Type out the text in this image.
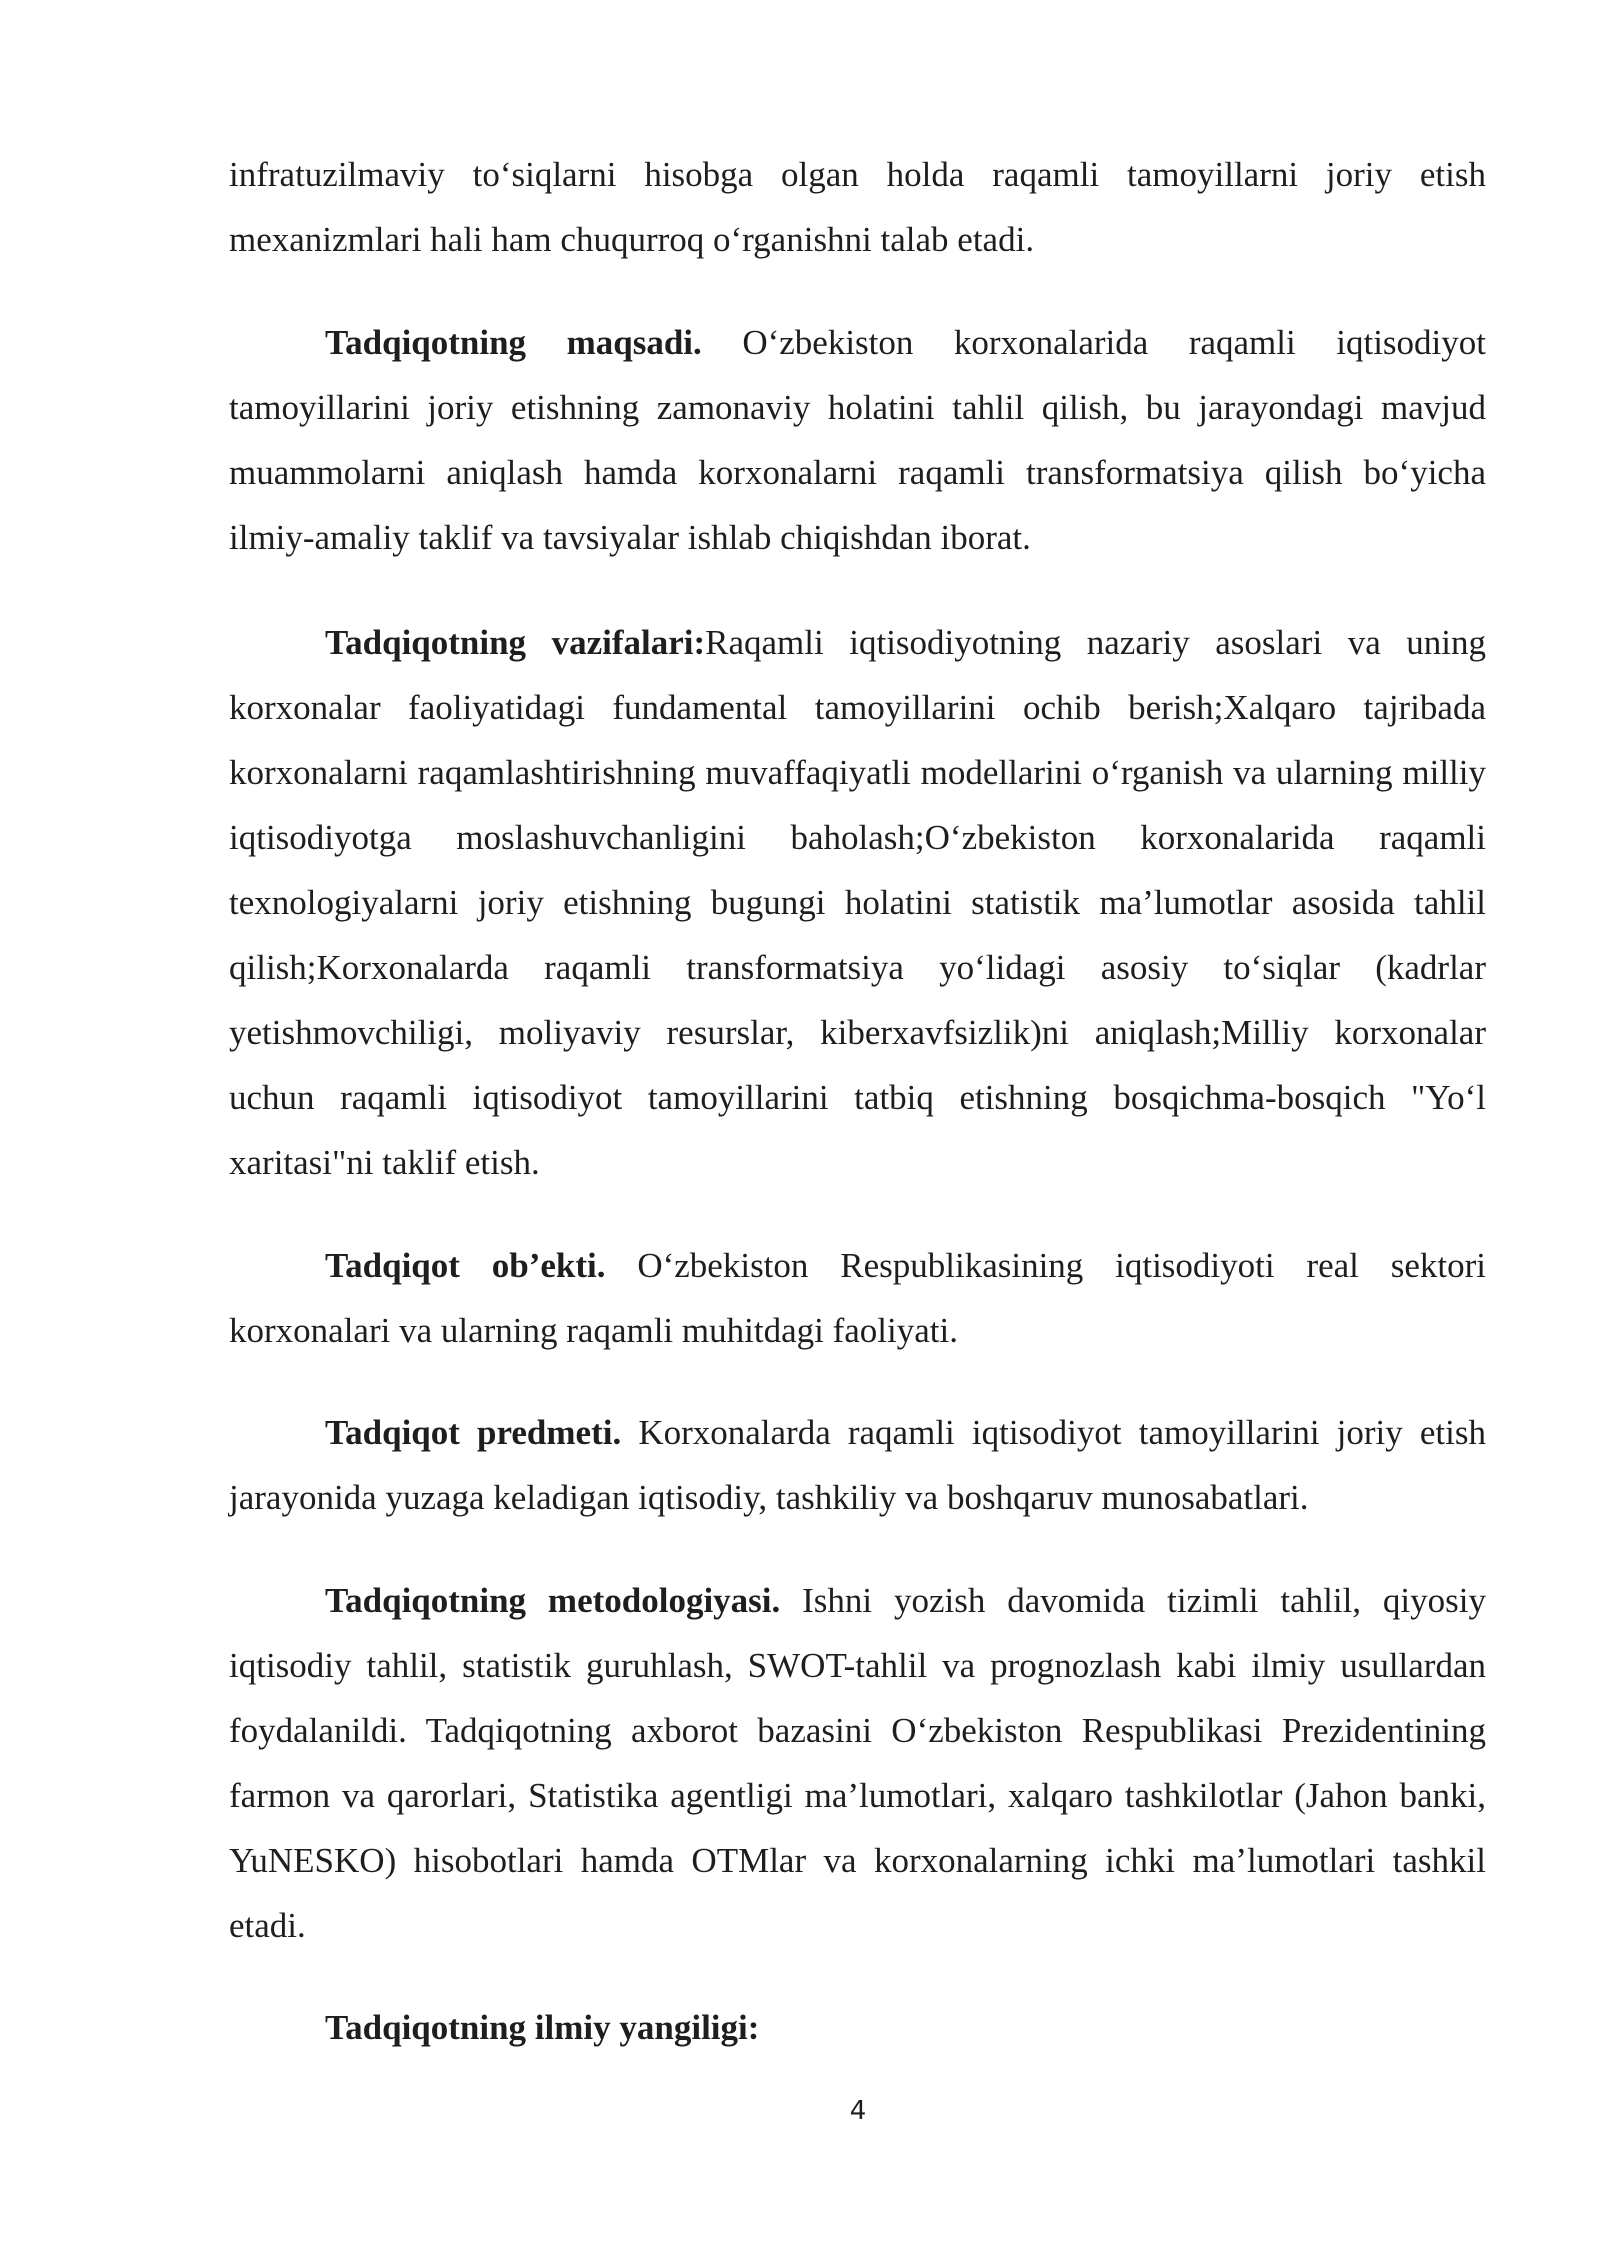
infratuzilmaviy to‘siqlarni hisobga olgan holda raqamli tamoyillarni joriy etish mexanizmlari hali ham chuqurroq o‘rganishni talab etadi.

Tadqiqotning maqsadi. O‘zbekiston korxonalarida raqamli iqtisodiyot tamoyillarini joriy etishning zamonaviy holatini tahlil qilish, bu jarayondagi mavjud muammolarni aniqlash hamda korxonalarni raqamli transformatsiya qilish bo‘yicha ilmiy-amaliy taklif va tavsiyalar ishlab chiqishdan iborat.

Tadqiqotning vazifalari:Raqamli iqtisodiyotning nazariy asoslari va uning korxonalar faoliyatidagi fundamental tamoyillarini ochib berish;Xalqaro tajribada korxonalarni raqamlashtirishning muvaffaqiyatli modellarini o‘rganish va ularning milliy iqtisodiyotga moslashuvchanligini baholash;O‘zbekiston korxonalarida raqamli texnologiyalarni joriy etishning bugungi holatini statistik ma’lumotlar asosida tahlil qilish;Korxonalarda raqamli transformatsiya yo‘lidagi asosiy to‘siqlar (kadrlar yetishmovchiligi, moliyaviy resurslar, kiberxavfsizlik)ni aniqlash;Milliy korxonalar uchun raqamli iqtisodiyot tamoyillarini tatbiq etishning bosqichma-bosqich "Yo‘l xaritasi"ni taklif etish.

Tadqiqot ob’ekti. O‘zbekiston Respublikasining iqtisodiyoti real sektori korxonalari va ularning raqamli muhitdagi faoliyati.

Tadqiqot predmeti. Korxonalarda raqamli iqtisodiyot tamoyillarini joriy etish jarayonida yuzaga keladigan iqtisodiy, tashkiliy va boshqaruv munosabatlari.

Tadqiqotning metodologiyasi. Ishni yozish davomida tizimli tahlil, qiyosiy iqtisodiy tahlil, statistik guruhlash, SWOT-tahlil va prognozlash kabi ilmiy usullardan foydalanildi. Tadqiqotning axborot bazasini O‘zbekiston Respublikasi Prezidentining farmon va qarorlari, Statistika agentligi ma’lumotlari, xalqaro tashkilotlar (Jahon banki, YuNESKO) hisobotlari hamda OTMlar va korxonalarning ichki ma’lumotlari tashkil etadi.

Tadqiqotning ilmiy yangiligi:

4
